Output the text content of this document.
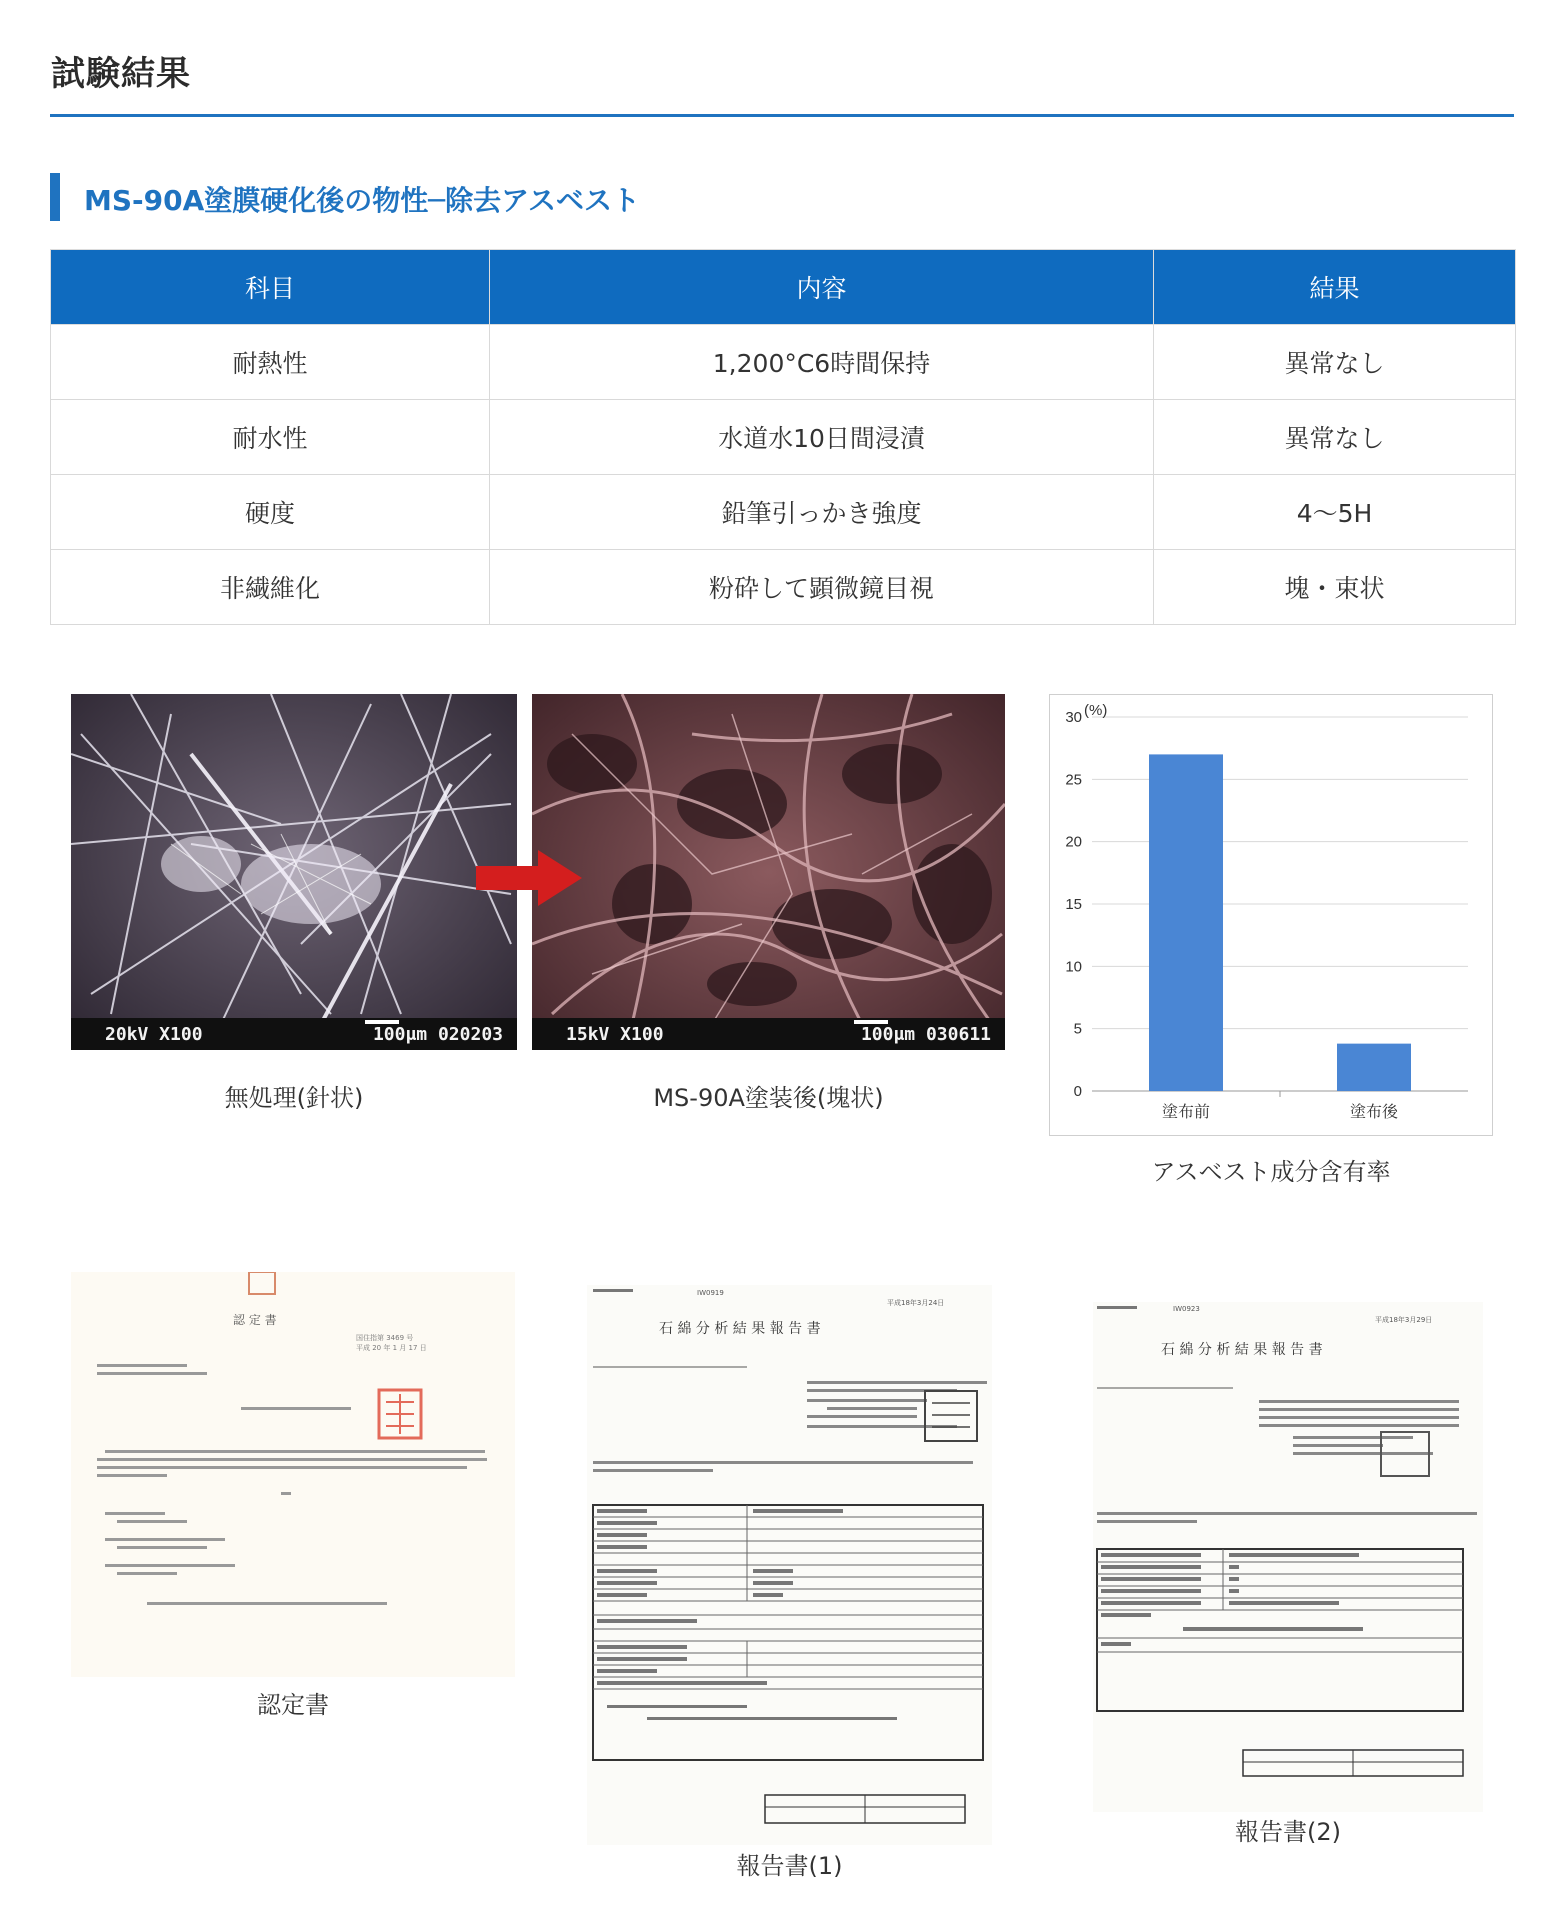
試験結果
MS-90A塗膜硬化後の物性─除去アスベスト
科目	内容	結果
耐熱性	1,200°C6時間保持	異常なし
耐水性	水道水10日間浸漬	異常なし
硬度	鉛筆引っかき強度	4〜5H
非繊維化	粉砕して顕微鏡目視	塊・束状
20kV X100	100μm 020203	15kV X100	100μm 030611
無処理(針状)	MS-90A塗装後(塊状)	0
5
10
15
20
25
30 (%)
塗布前	塗布後
アスベスト成分含有率
認 定 書
国住指第 3469 号
平成 20 年 1 月 17 日
認定書
IW0919
平成18年3月24日
石 綿 分 析 結 果 報 告 書
報告書(1)
IW0923
平成18年3月29日
石 綿 分 析 結 果 報 告 書
報告書(2)
